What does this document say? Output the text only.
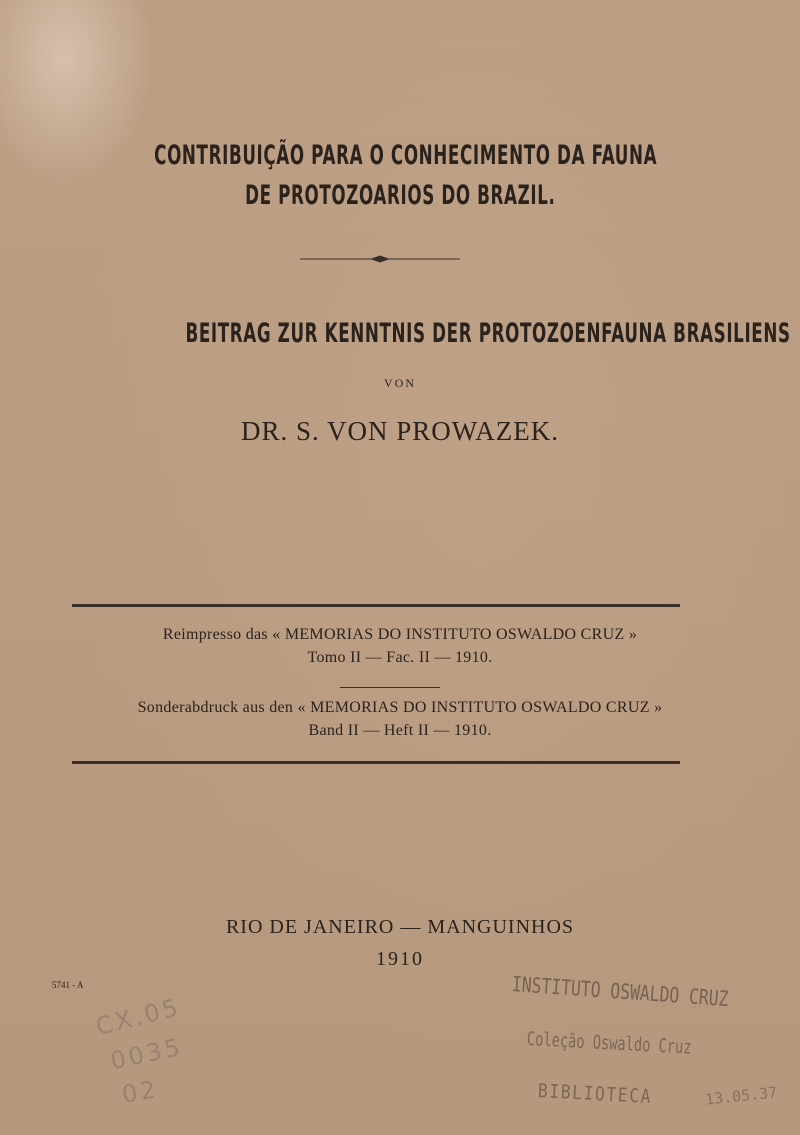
CONTRIBUIÇÃO PARA O CONHECIMENTO DA FAUNA
DE PROTOZOARIOS DO BRAZIL.
BEITRAG ZUR KENNTNIS DER PROTOZOENFAUNA BRASILIENS
VON
DR. S. VON PROWAZEK.
Reimpresso das « MEMORIAS DO INSTITUTO OSWALDO CRUZ »
Tomo II — Fac. II — 1910.
Sonderabdruck aus den « MEMORIAS DO INSTITUTO OSWALDO CRUZ »
Band II — Heft II — 1910.
RIO DE JANEIRO — MANGUINHOS
1910
5741 - A	INSTITUTO OSWALDO CRUZ
Coleção Oswaldo Cruz
BIBLIOTECA	13.05.37
CX.05
0035
02
